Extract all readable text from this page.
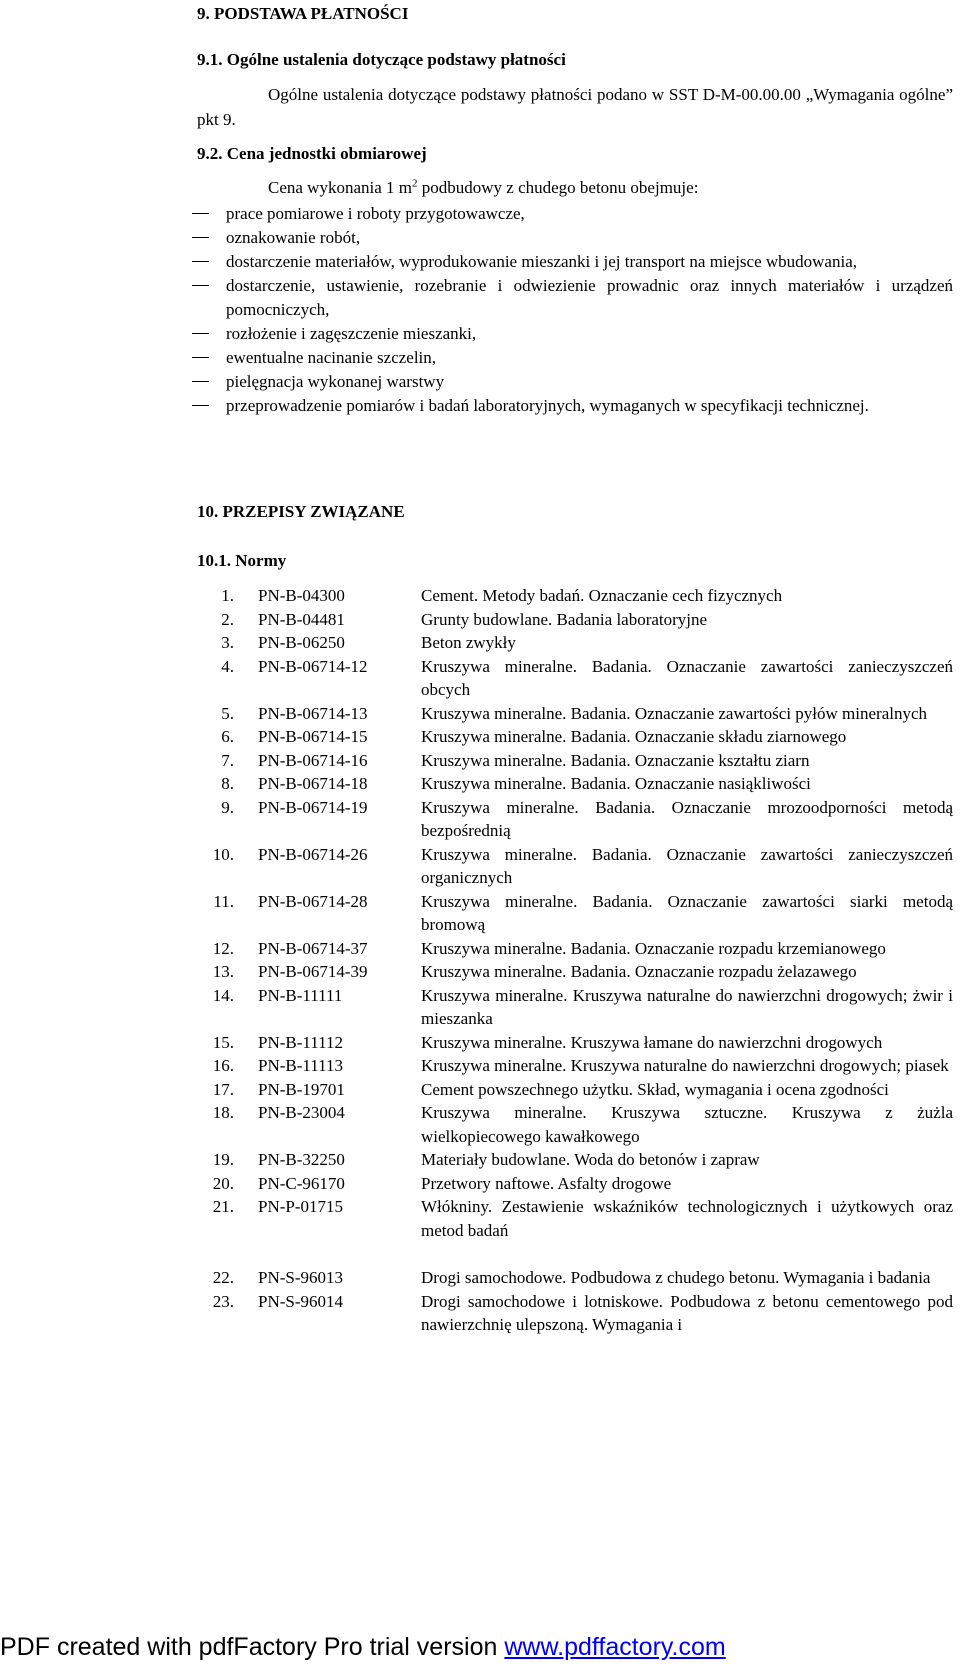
9. PODSTAWA PŁATNOŚCI
9.1. Ogólne ustalenia dotyczące podstawy płatności
Ogólne ustalenia dotyczące podstawy płatności podano w SST D-M-00.00.00 „Wymagania ogólne” pkt 9.
9.2. Cena jednostki obmiarowej
Cena wykonania 1 $m^2$ podbudowy z chudego betonu obejmuje:
prace pomiarowe i roboty przygotowawcze,
oznakowanie robót,
dostarczenie materiałów, wyprodukowanie mieszanki i jej transport na miejsce wbudowania,
dostarczenie, ustawienie, rozebranie i odwiezienie prowadnic oraz innych materiałów i urządzeń pomocniczych,
rozłożenie i zagęszczenie mieszanki,
ewentualne nacinanie szczelin,
pielęgnacja wykonanej warstwy
przeprowadzenie pomiarów i badań laboratoryjnych, wymaganych w specyfikacji technicznej.
10. PRZEPISY ZWIĄZANE
10.1. Normy
1.	PN-B-04300	Cement. Metody badań. Oznaczanie cech fizycznych
2.	PN-B-04481	Grunty budowlane. Badania laboratoryjne
3.	PN-B-06250	Beton zwykły
4.	PN-B-06714-12	Kruszywa mineralne. Badania. Oznaczanie zawartości zanieczyszczeń obcych
5.	PN-B-06714-13	Kruszywa mineralne. Badania. Oznaczanie zawartości pyłów mineralnych
6.	PN-B-06714-15	Kruszywa mineralne. Badania. Oznaczanie składu ziarnowego
7.	PN-B-06714-16	Kruszywa mineralne. Badania. Oznaczanie kształtu ziarn
8.	PN-B-06714-18	Kruszywa mineralne. Badania. Oznaczanie nasiąkliwości
9.	PN-B-06714-19	Kruszywa mineralne. Badania. Oznaczanie mrozoodporności metodą bezpośrednią
10.	PN-B-06714-26	Kruszywa mineralne. Badania. Oznaczanie zawartości zanieczyszczeń organicznych
11.	PN-B-06714-28	Kruszywa mineralne. Badania. Oznaczanie zawartości siarki metodą bromową
12.	PN-B-06714-37	Kruszywa mineralne. Badania. Oznaczanie rozpadu krzemianowego
13.	PN-B-06714-39	Kruszywa mineralne. Badania. Oznaczanie rozpadu żelazawego
14.	PN-B-11111	Kruszywa mineralne. Kruszywa naturalne do nawierzchni drogowych; żwir i mieszanka
15.	PN-B-11112	Kruszywa mineralne. Kruszywa łamane do nawierzchni drogowych
16.	PN-B-11113	Kruszywa mineralne. Kruszywa naturalne do nawierzchni drogowych; piasek
17.	PN-B-19701	Cement powszechnego użytku. Skład, wymagania i ocena zgodności
18.	PN-B-23004	Kruszywa mineralne. Kruszywa sztuczne. Kruszywa z żużla wielkopiecowego kawałkowego
19.	PN-B-32250	Materiały budowlane. Woda do betonów i zapraw
20.	PN-C-96170	Przetwory naftowe. Asfalty drogowe
21.	PN-P-01715	Włókniny. Zestawienie wskaźników technologicznych i użytkowych oraz metod badań
22.	PN-S-96013	Drogi samochodowe. Podbudowa z chudego betonu. Wymagania i badania
23.	PN-S-96014	Drogi samochodowe i lotniskowe. Podbudowa z betonu cementowego pod nawierzchnię ulepszoną. Wymagania i
PDF created with pdfFactory Pro trial version www.pdffactory.com
